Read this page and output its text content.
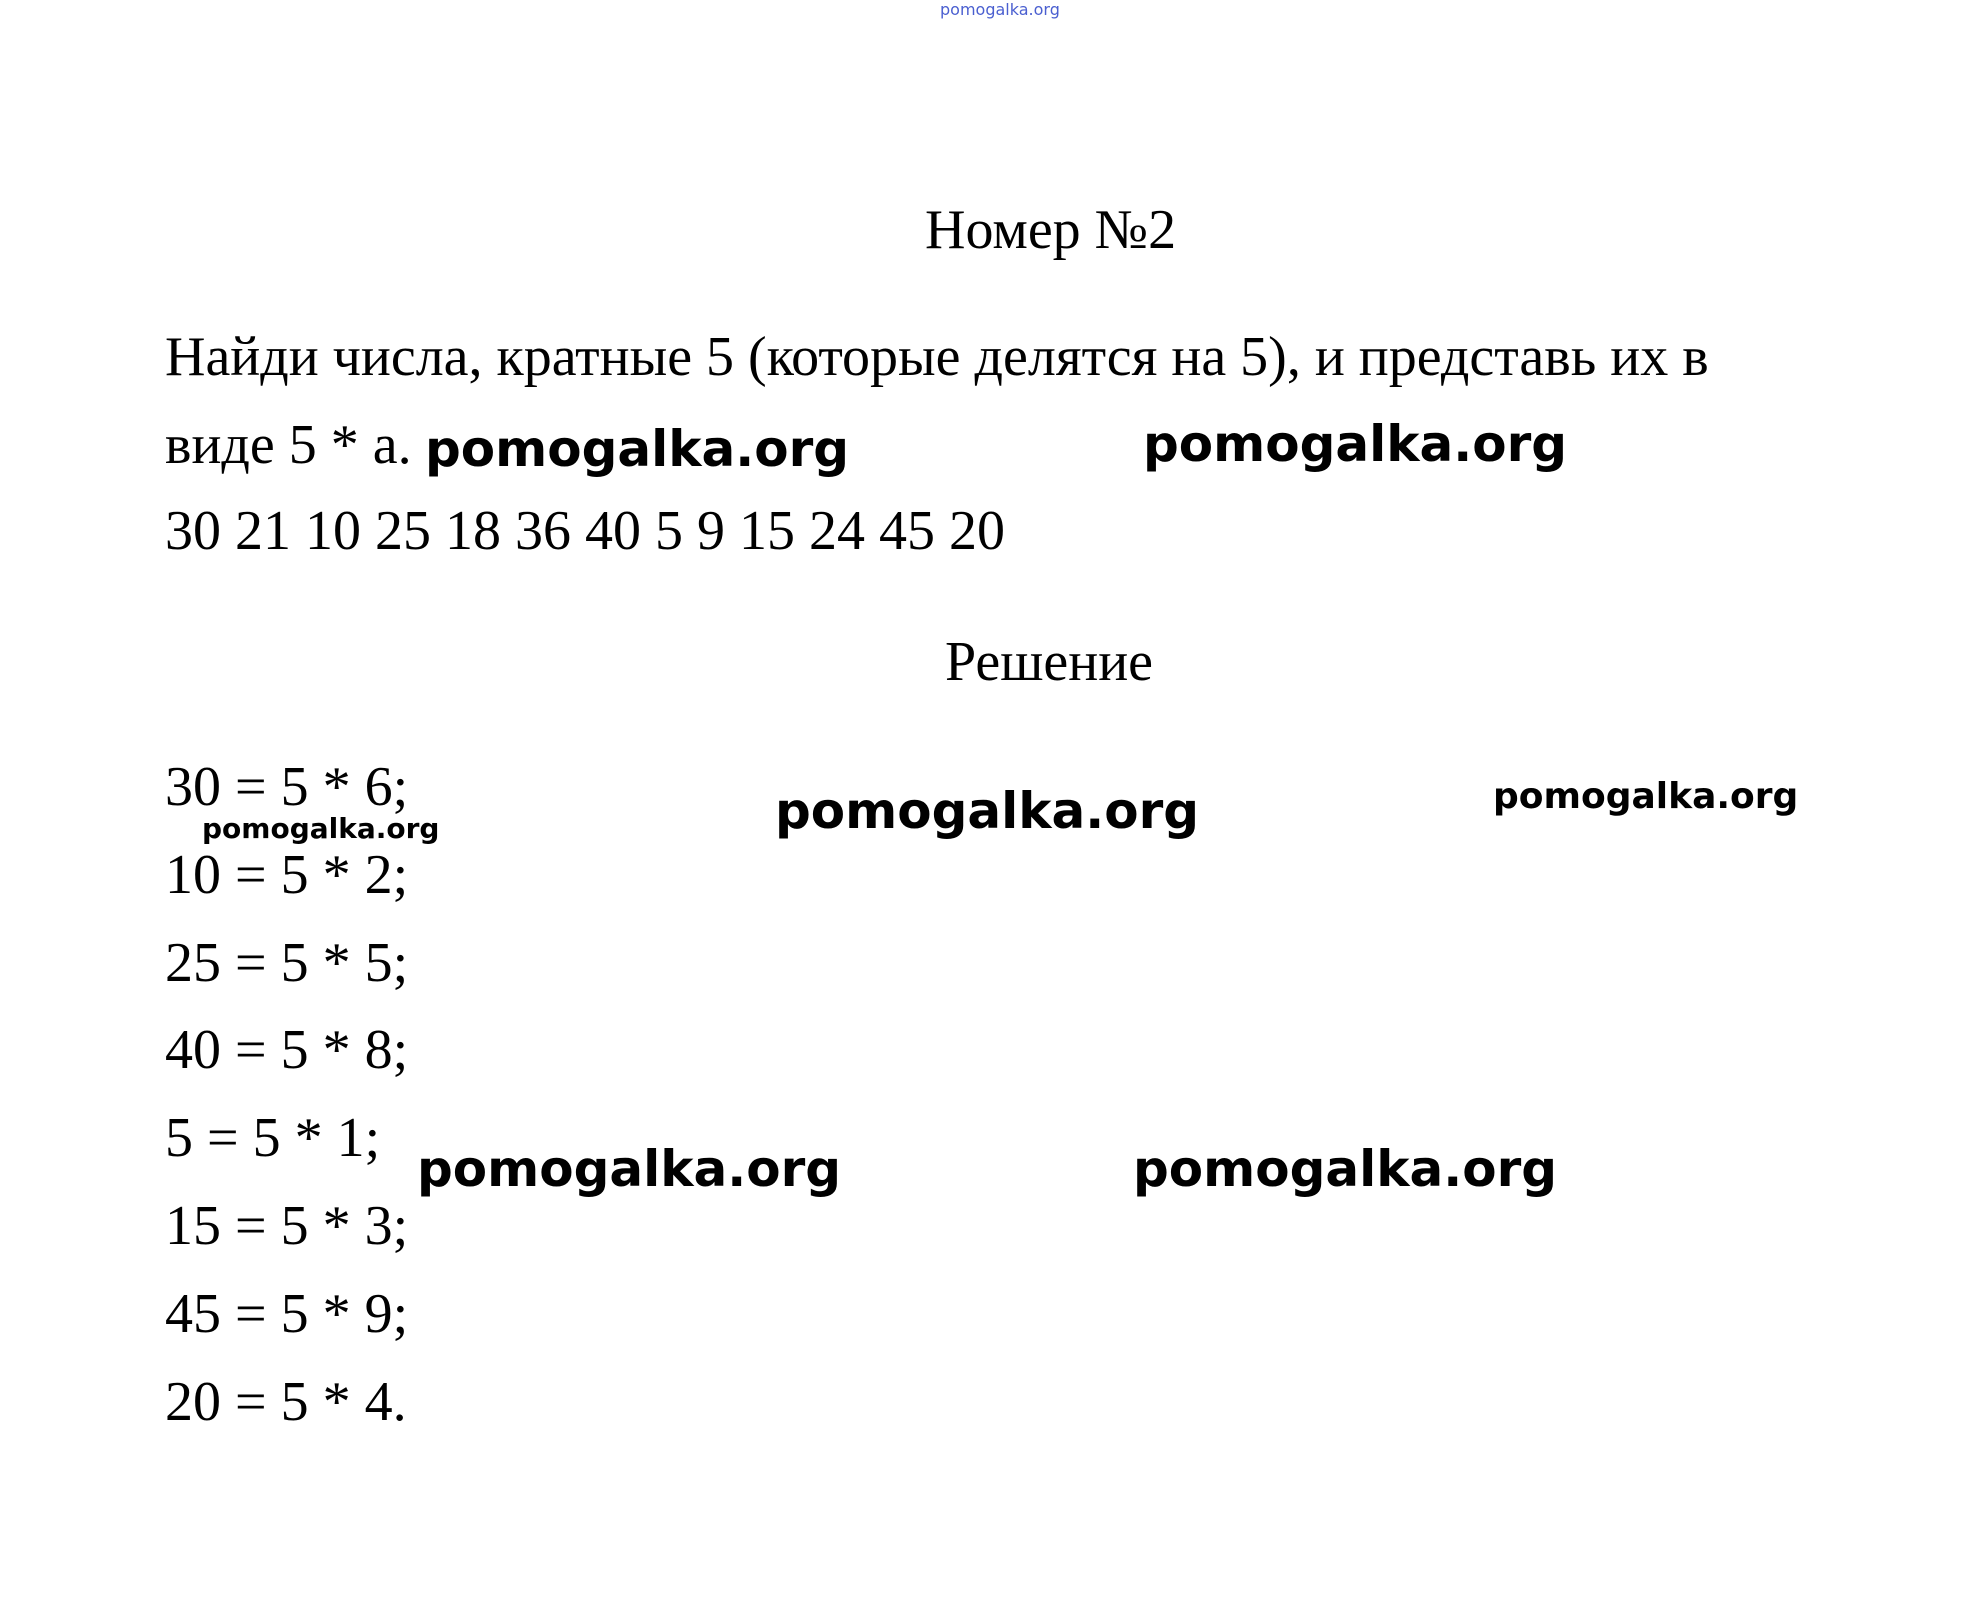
pomogalka.org
Номер №2

Найди числа, кратные 5 (которые делятся на 5), и представь их в

виде 5 * а.

30 21 10 25 18 36 40 5 9 15 24 45 20

Решение

30 = 5 * 6;

10 = 5 * 2;

25 = 5 * 5;

40 = 5 * 8;

5 = 5 * 1;

15 = 5 * 3;

45 = 5 * 9;

20 = 5 * 4.

pomogalka.org	pomogalka.org
pomogalka.org	pomogalka.org
pomogalka.org
pomogalka.org	pomogalka.org
